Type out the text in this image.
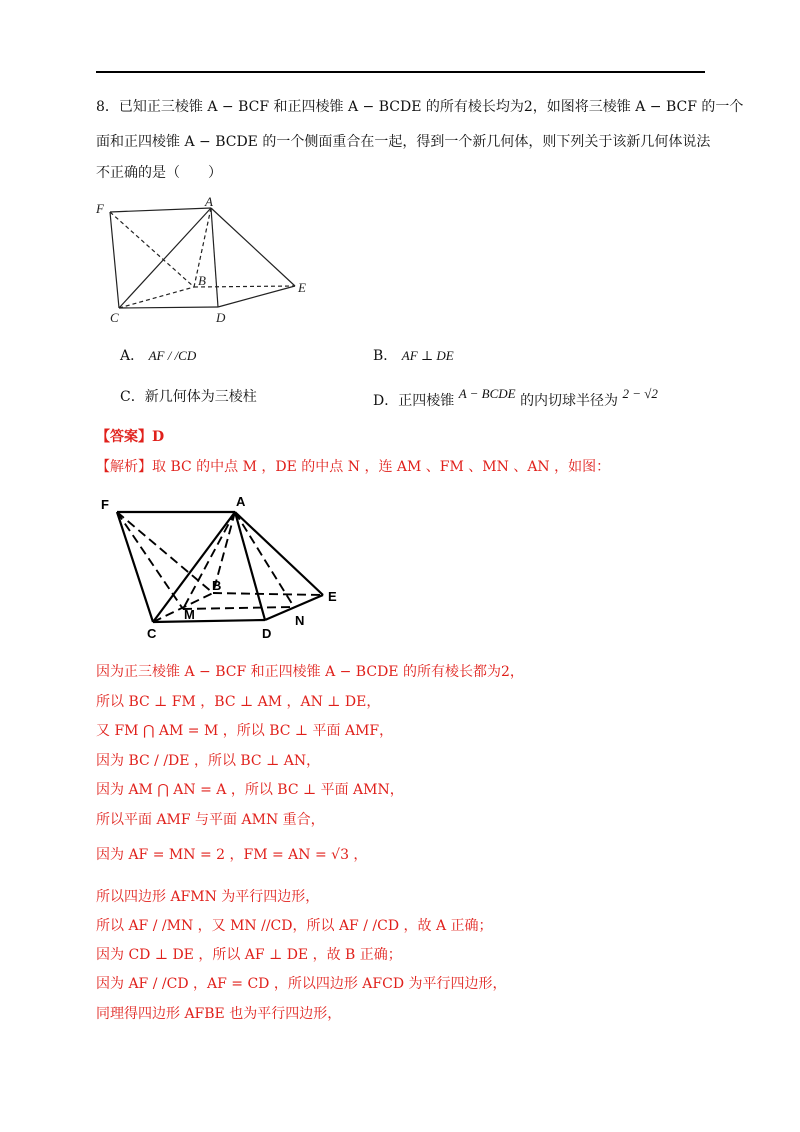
8．已知正三棱锥 A − BCF 和正四棱锥 A − BCDE 的所有棱长均为2，如图将三棱锥 A − BCF 的一个
面和正四棱锥 A − BCDE 的一个侧面重合在一起，得到一个新几何体，则下列关于该新几何体说法
不正确的是（　　）
F	A
B	E
C	D
A． AF / /CD	B． AF ⊥ DE
C．新几何体为三棱柱	D．正四棱锥 A − BCDE 的内切球半径为 2 − √2
【答案】D
【解析】取 BC 的中点 M ，DE 的中点 N ，连 AM 、FM 、MN 、AN ，如图：
F	A
B
M
E
C	D
N
因为正三棱锥 A − BCF 和正四棱锥 A − BCDE 的所有棱长都为2，
所以 BC ⊥ FM ，BC ⊥ AM ，AN ⊥ DE，
又 FM ⋂ AM = M ，所以 BC ⊥ 平面 AMF，
因为 BC / /DE ，所以 BC ⊥ AN，
因为 AM ⋂ AN = A ，所以 BC ⊥ 平面 AMN，
所以平面 AMF 与平面 AMN 重合，
因为 AF = MN = 2 ，FM = AN = √3 ，
所以四边形 AFMN 为平行四边形，
所以 AF / /MN ，又 MN //CD，所以 AF / /CD ，故 A 正确；
因为 CD ⊥ DE ，所以 AF ⊥ DE ，故 B 正确；
因为 AF / /CD ，AF = CD ，所以四边形 AFCD 为平行四边形，
同理得四边形 AFBE 也为平行四边形，
